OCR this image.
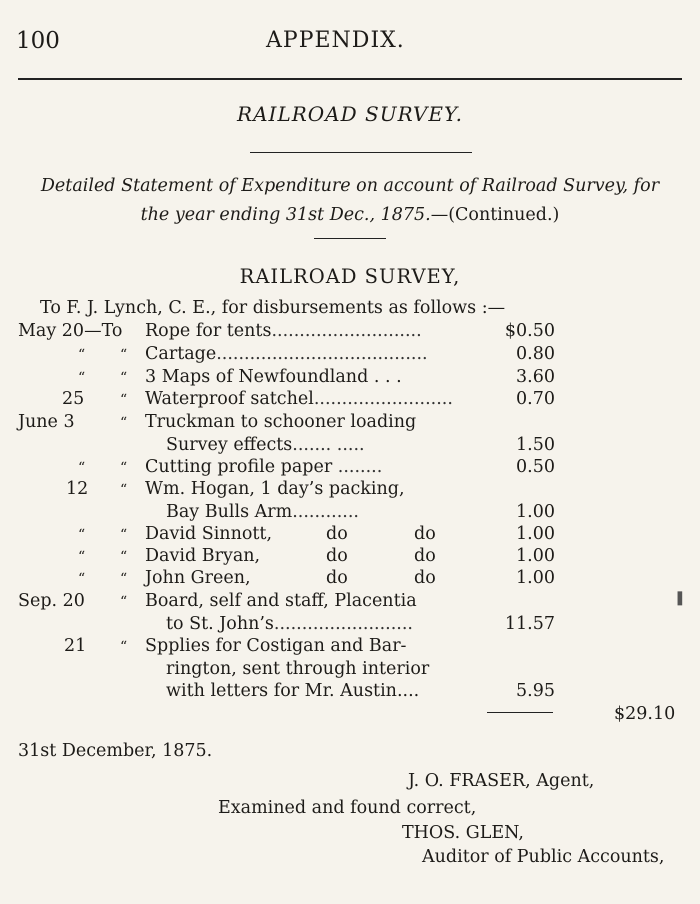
100	APPENDIX.
RAILROAD SURVEY.
Detailed Statement of Expenditure on account of Railroad Survey, for
the year ending 31st Dec., 1875.—(Continued.)
RAILROAD SURVEY,
To F. J. Lynch, C. E., for disbursements as follows :—
May 20—To Rope for tents...........................	$0.50
“ “ Cartage......................................	0.80
“ “ 3 Maps of Newfoundland . . .	3.60
25	“ Waterproof satchel.........................	0.70
June 3	“ Truckman to schooner loading
Survey effects....... .....	1.50
“ “ Cutting profile paper ........	0.50
12 “ Wm. Hogan, 1 day’s packing,
Bay Bulls Arm............	1.00
“ “ David Sinnott,	do	do	1.00
“ “ David Bryan,	do	do	1.00
“ “ John Green,	do	do	1.00
Sep. 20	“ Board, self and staff, Placentia
to St. John’s.........................	11.57
21 “ Spplies for Costigan and Bar-
rington, sent through interior
with letters for Mr. Austin....	5.95
$29.10
❚
31st December, 1875.
J. O. FRASER, Agent,
Examined and found correct,
THOS. GLEN,
Auditor of Public Accounts,
